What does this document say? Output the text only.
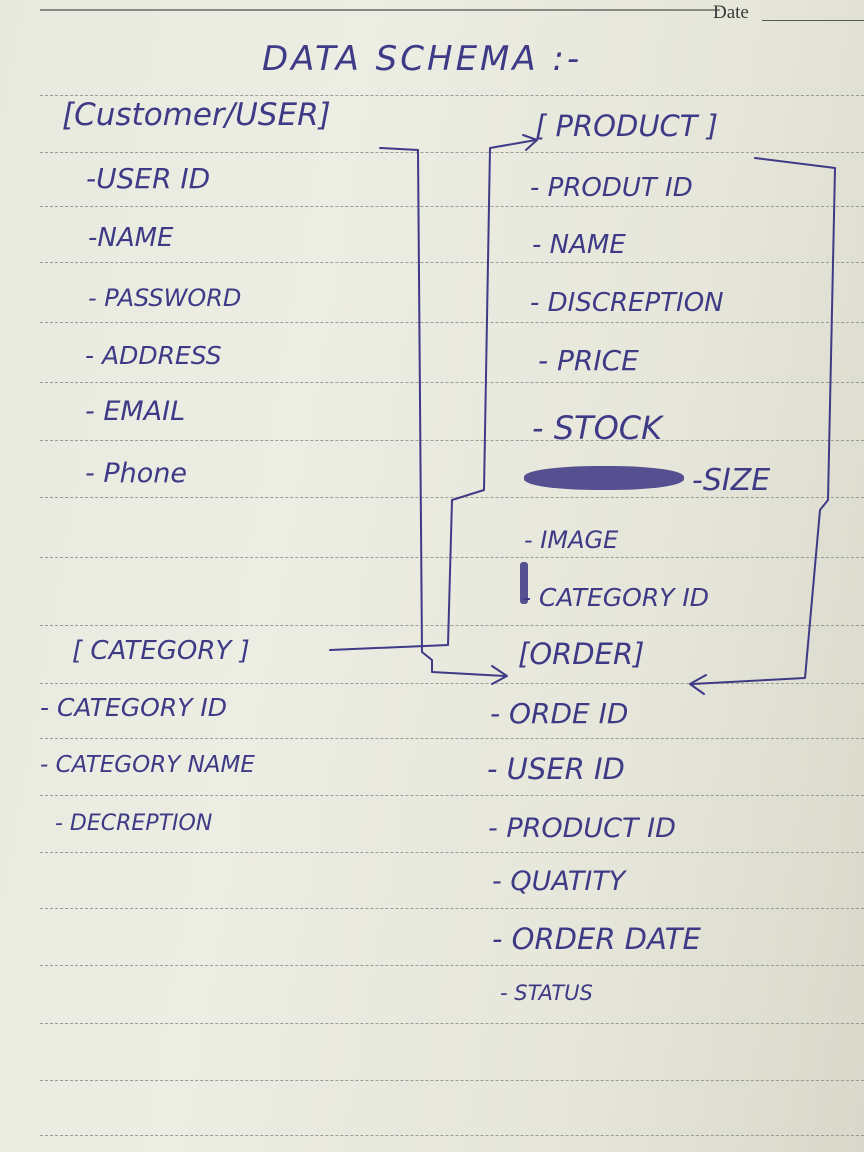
Date
DATA SCHEMA :-
[Customer/USER]
-USER ID
-NAME
- PASSWORD
- ADDRESS
- EMAIL
- Phone
[ PRODUCT ]
- PRODUT ID
- NAME
- DISCREPTION
- PRICE
- STOCK
-SIZE
- IMAGE
- CATEGORY ID
[ CATEGORY ]
- CATEGORY ID
- CATEGORY NAME
- DECREPTION
[ORDER]
- ORDE ID
- USER ID
- PRODUCT ID
- QUATITY
- ORDER DATE
- STATUS
